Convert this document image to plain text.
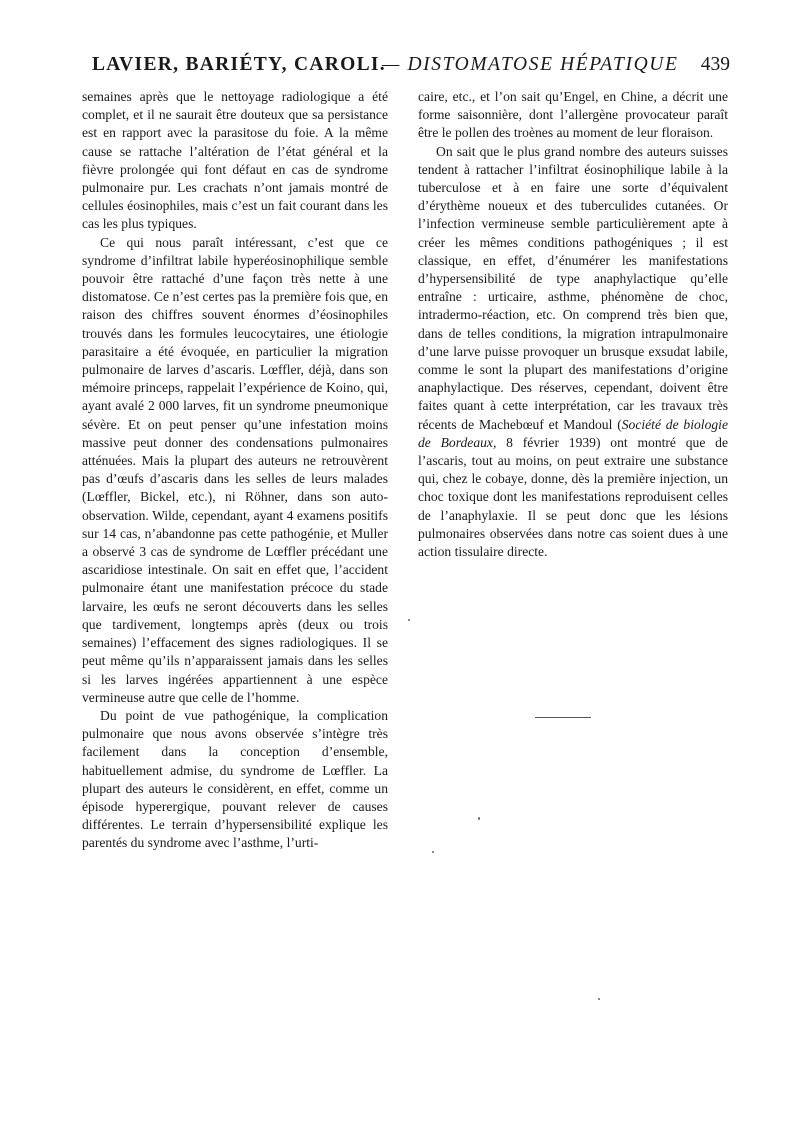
LAVIER, BARIÉTY, CAROLI.
— DISTOMATOSE HÉPATIQUE 439

semaines après que le nettoyage radiologique a été complet, et il ne saurait être douteux que sa persistance est en rapport avec la parasitose du foie. A la même cause se rattache l’altération de l’état général et la fièvre prolongée qui font défaut en cas de syndrome pulmonaire pur. Les crachats n’ont jamais montré de cellules éosinophiles, mais c’est un fait courant dans les cas les plus typiques.

Ce qui nous paraît intéressant, c’est que ce syndrome d’infiltrat labile hyperéosinophilique semble pouvoir être rattaché d’une façon très nette à une distomatose. Ce n’est certes pas la première fois que, en raison des chiffres souvent énormes d’éosinophiles trouvés dans les formules leucocytaires, une étiologie parasitaire a été évoquée, en particulier la migration pulmonaire de larves d’ascaris. Lœffler, déjà, dans son mémoire princeps, rappelait l’expérience de Koino, qui, ayant avalé 2 000 larves, fit un syndrome pneumonique sévère. Et on peut penser qu’une infestation moins massive peut donner des condensations pulmonaires atténuées. Mais la plupart des auteurs ne retrouvèrent pas d’œufs d’ascaris dans les selles de leurs malades (Lœffler, Bickel, etc.), ni Röhner, dans son auto-observation. Wilde, cependant, ayant 4 examens positifs sur 14 cas, n’abandonne pas cette pathogénie, et Muller a observé 3 cas de syndrome de Lœffler précédant une ascaridiose intestinale. On sait en effet que, l’accident pulmonaire étant une manifestation précoce du stade larvaire, les œufs ne seront découverts dans les selles que tardivement, longtemps après (deux ou trois semaines) l’effacement des signes radiologiques. Il se peut même qu’ils n’apparaissent jamais dans les selles si les larves ingérées appartiennent à une espèce vermineuse autre que celle de l’homme.

Du point de vue pathogénique, la complication pulmonaire que nous avons observée s’intègre très facilement dans la conception d’ensemble, habituellement admise, du syndrome de Lœffler. La plupart des auteurs le considèrent, en effet, comme un épisode hyperergique, pouvant relever de causes différentes. Le terrain d’hypersensibilité explique les parentés du syndrome avec l’asthme, l’urti-

caire, etc., et l’on sait qu’Engel, en Chine, a décrit une forme saisonnière, dont l’allergène provocateur paraît être le pollen des troènes au moment de leur floraison.

On sait que le plus grand nombre des auteurs suisses tendent à rattacher l’infiltrat éosinophilique labile à la tuberculose et à en faire une sorte d’équivalent d’érythème noueux et des tuberculides cutanées. Or l’infection vermineuse semble particulièrement apte à créer les mêmes conditions pathogéniques ; il est classique, en effet, d’énumérer les manifestations d’hypersensibilité de type anaphylactique qu’elle entraîne : urticaire, asthme, phénomène de choc, intradermo-réaction, etc. On comprend très bien que, dans de telles conditions, la migration intrapulmonaire d’une larve puisse provoquer un brusque exsudat labile, comme le sont la plupart des manifestations d’origine anaphylactique. Des réserves, cependant, doivent être faites quant à cette interprétation, car les travaux très récents de Machebœuf et Mandoul (Société de biologie de Bordeaux, 8 février 1939) ont montré que de l’ascaris, tout au moins, on peut extraire une substance qui, chez le cobaye, donne, dès la première injection, un choc toxique dont les manifestations reproduisent celles de l’anaphylaxie. Il se peut donc que les lésions pulmonaires observées dans notre cas soient dues à une action tissulaire directe.
